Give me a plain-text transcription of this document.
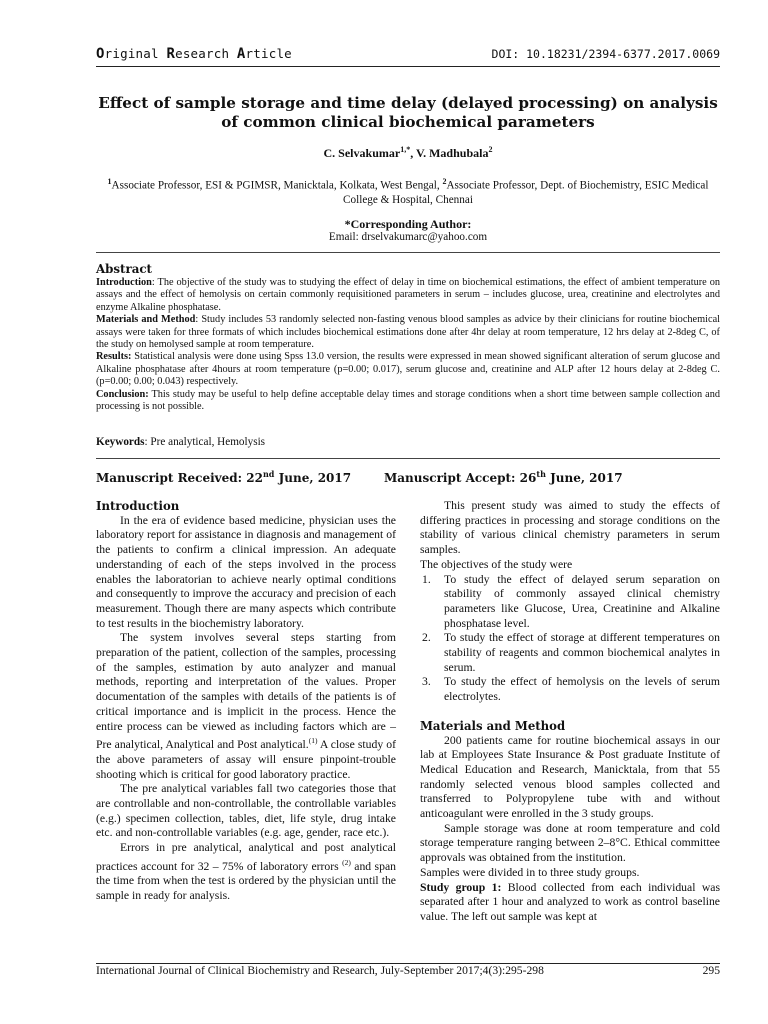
Original Research Article	DOI: 10.18231/2394-6377.2017.0069
Effect of sample storage and time delay (delayed processing) on analysis of common clinical biochemical parameters
C. Selvakumar$^{1,*}$, V. Madhubala$^2$
$^1$Associate Professor, ESI & PGIMSR, Manicktala, Kolkata, West Bengal, $^2$Associate Professor, Dept. of Biochemistry, ESIC Medical College & Hospital, Chennai
*Corresponding Author:
Email: drselvakumarc@yahoo.com
Abstract

Introduction: The objective of the study was to studying the effect of delay in time on biochemical estimations, the effect of ambient temperature on assays and the effect of hemolysis on certain commonly requisitioned parameters in serum – includes glucose, urea, creatinine and electrolytes and enzyme Alkaline phosphatase.

Materials and Method: Study includes 53 randomly selected non-fasting venous blood samples as advice by their clinicians for routine biochemical assays were taken for three formats of which includes biochemical estimations done after 4hr delay at room temperature, 12 hrs delay at 2-8deg C, of the study on hemolysed sample at room temperature.

Results: Statistical analysis were done using Spss 13.0 version, the results were expressed in mean showed significant alteration of serum glucose and Alkaline phosphatase after 4hours at room temperature (p=0.00; 0.017), serum glucose and, creatinine and ALP after 12 hours delay at 2-8deg C. (p=0.00; 0.00; 0.043) respectively.

Conclusion: This study may be useful to help define acceptable delay times and storage conditions when a short time between sample collection and processing is not possible.

Keywords: Pre analytical, Hemolysis
Manuscript Received: 22nd June, 2017	Manuscript Accept: 26th June, 2017

Introduction

In the era of evidence based medicine, physician uses the laboratory report for assistance in diagnosis and management of the patients to confirm a clinical impression. An adequate understanding of each of the steps involved in the process enables the laboratorian to achieve nearly optimal conditions and consequently to improve the accuracy and precision of each measurement. Though there are many aspects which contribute to test results in the biochemistry laboratory.

The system involves several steps starting from preparation of the patient, collection of the samples, processing of the samples, estimation by auto analyzer and manual methods, reporting and interpretation of the values. Proper documentation of the samples with details of the patients is of critical importance and is implicit in the process. Hence the entire process can be viewed as including factors which are – Pre analytical, Analytical and Post analytical.$^{(1)}$ A close study of the above parameters of assay will ensure pinpoint-trouble shooting which is critical for good laboratory practice.

The pre analytical variables fall two categories those that are controllable and non-controllable, the controllable variables (e.g.) specimen collection, tables, diet, life style, drug intake etc. and non-controllable variables (e.g. age, gender, race etc.).

Errors in pre analytical, analytical and post analytical practices account for 32 – 75% of laboratory errors $^{(2)}$ and span the time from when the test is ordered by the physician until the sample in ready for analysis.

This present study was aimed to study the effects of differing practices in processing and storage conditions on the stability of various clinical chemistry parameters in serum samples.

The objectives of the study were

1. To study the effect of delayed serum separation on stability of commonly assayed clinical chemistry parameters like Glucose, Urea, Creatinine and Alkaline phosphatase level.
2. To study the effect of storage at different temperatures on stability of reagents and common biochemical analytes in serum.
3. To study the effect of hemolysis on the levels of serum electrolytes.

Materials and Method

200 patients came for routine biochemical assays in our lab at Employees State Insurance & Post graduate Institute of Medical Education and Research, Manicktala, from that 55 randomly selected venous blood samples collected and transferred to Polypropylene tube with and without anticoagulant were enrolled in the 3 study groups.

Sample storage was done at room temperature and cold storage temperature ranging between 2–8°C. Ethical committee approvals was obtained from the institution.

Samples were divided in to three study groups.

Study group 1: Blood collected from each individual was separated after 1 hour and analyzed to work as control baseline value. The left out sample was kept at

International Journal of Clinical Biochemistry and Research, July-September 2017;4(3):295-298	295
